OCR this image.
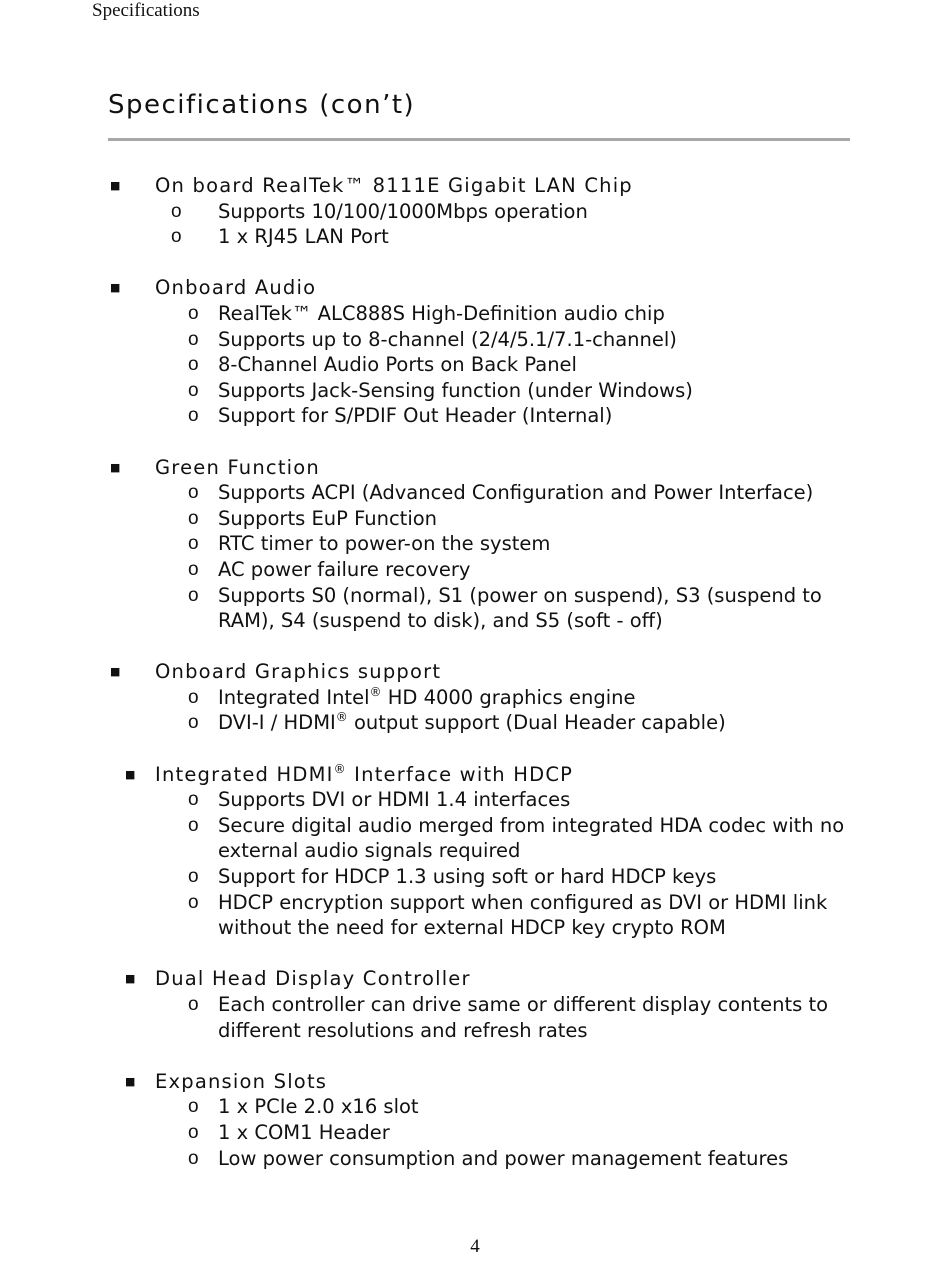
Specifications
Specifications (con’t)
■ On board RealTek™ 8111E Gigabit LAN Chip
o Supports 10/100/1000Mbps operation
o 1 x RJ45 LAN Port
■ Onboard Audio
o RealTek™ ALC888S High-Definition audio chip
o Supports up to 8-channel (2/4/5.1/7.1-channel)
o 8-Channel Audio Ports on Back Panel
o Supports Jack-Sensing function (under Windows)
o Support for S/PDIF Out Header (Internal)
■ Green Function
o Supports ACPI (Advanced Configuration and Power Interface)
o Supports EuP Function
o RTC timer to power-on the system
o AC power failure recovery
o Supports S0 (normal), S1 (power on suspend), S3 (suspend to RAM), S4 (suspend to disk), and S5 (soft - off)
■ Onboard Graphics support
o Integrated Intel® HD 4000 graphics engine
o DVI-I / HDMI® output support (Dual Header capable)
■ Integrated HDMI® Interface with HDCP
o Supports DVI or HDMI 1.4 interfaces
o Secure digital audio merged from integrated HDA codec with no external audio signals required
o Support for HDCP 1.3 using soft or hard HDCP keys
o HDCP encryption support when configured as DVI or HDMI link without the need for external HDCP key crypto ROM
■ Dual Head Display Controller
o Each controller can drive same or different display contents to different resolutions and refresh rates
■ Expansion Slots
o 1 x PCIe 2.0 x16 slot
o 1 x COM1 Header
o Low power consumption and power management features
4
